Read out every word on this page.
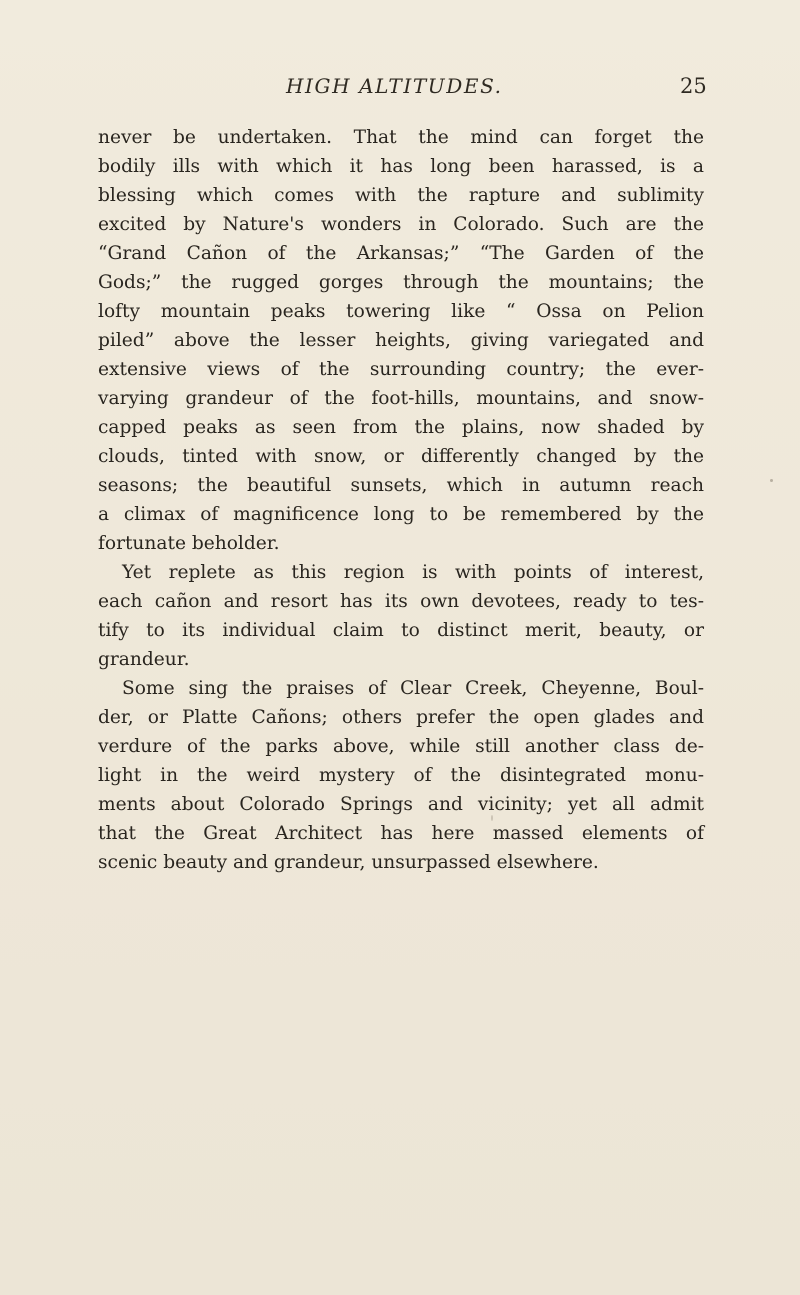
HIGH ALTITUDES.	25
never be undertaken. That the mind can forget the
bodily ills with which it has long been harassed, is a
blessing which comes with the rapture and sublimity
excited by Nature's wonders in Colorado. Such are the
“Grand Cañon of the Arkansas;” “The Garden of the
Gods;” the rugged gorges through the mountains; the
lofty mountain peaks towering like “ Ossa on Pelion
piled” above the lesser heights, giving variegated and
extensive views of the surrounding country; the ever-
varying grandeur of the foot-hills, mountains, and snow-
capped peaks as seen from the plains, now shaded by
clouds, tinted with snow, or differently changed by the
seasons; the beautiful sunsets, which in autumn reach
a climax of magnificence long to be remembered by the
fortunate beholder.
Yet replete as this region is with points of interest,
each cañon and resort has its own devotees, ready to tes-
tify to its individual claim to distinct merit, beauty, or
grandeur.
Some sing the praises of Clear Creek, Cheyenne, Boul-
der, or Platte Cañons; others prefer the open glades and
verdure of the parks above, while still another class de-
light in the weird mystery of the disintegrated monu-
ments about Colorado Springs and vicinity; yet all admit
that the Great Architect has here massed elements of
scenic beauty and grandeur, unsurpassed elsewhere.
